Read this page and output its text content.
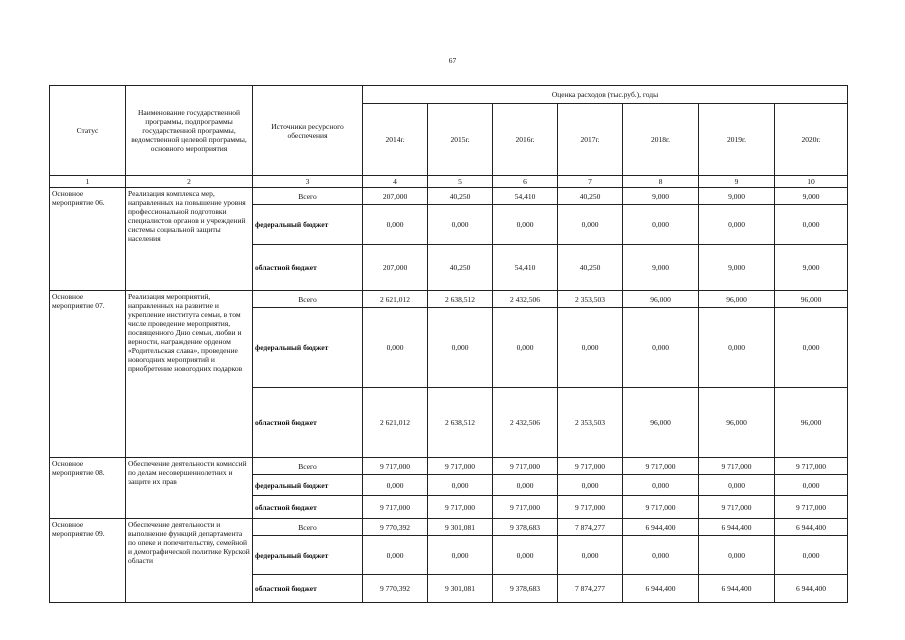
67
Статус	Наименование государственной программы, подпрограммы государственной программы, ведомственной целевой программы, основного мероприятия	Источники ресурсного обеспечения	Оценка расходов (тыс.руб.), годы						
			2014г.	2015г.	2016г.	2017г.	2018г.	2019г.	2020г.
1	2	3	4	5	6	7	8	9	10
Основное мероприятие 06.	Реализация комплекса мер, направленных на повышение уровня профессиональной подготовки специалистов органов и учреждений системы социальной защиты населения	Всего	207,000	40,250	54,410	40,250	9,000	9,000	9,000
		федеральный бюджет	0,000	0,000	0,000	0,000	0,000	0,000	0,000
		областной бюджет	207,000	40,250	54,410	40,250	9,000	9,000	9,000
Основное мероприятие 07.	Реализация мероприятий, направленных на развитие и укрепление института семьи, в том числе проведение мероприятия, посвященного Дню семьи, любви и верности, награждение орденом «Родительская слава», проведение новогодних мероприятий и приобретение новогодних подарков	Всего	2 621,012	2 638,512	2 432,506	2 353,503	96,000	96,000	96,000
		федеральный бюджет	0,000	0,000	0,000	0,000	0,000	0,000	0,000
		областной бюджет	2 621,012	2 638,512	2 432,506	2 353,503	96,000	96,000	96,000
Основное мероприятие 08.	Обеспечение деятельности комиссий по делам несовершеннолетних и защите их прав	Всего	9 717,000	9 717,000	9 717,000	9 717,000	9 717,000	9 717,000	9 717,000
		федеральный бюджет	0,000	0,000	0,000	0,000	0,000	0,000	0,000
		областной бюджет	9 717,000	9 717,000	9 717,000	9 717,000	9 717,000	9 717,000	9 717,000
Основное мероприятие 09.	Обеспечение деятельности и выполнение функций департамента по опеке и попечительству, семейной и демографической политике Курской области	Всего	9 770,392	9 301,081	9 378,683	7 874,277	6 944,400	6 944,400	6 944,400
		федеральный бюджет	0,000	0,000	0,000	0,000	0,000	0,000	0,000
		областной бюджет	9 770,392	9 301,081	9 378,683	7 874,277	6 944,400	6 944,400	6 944,400
